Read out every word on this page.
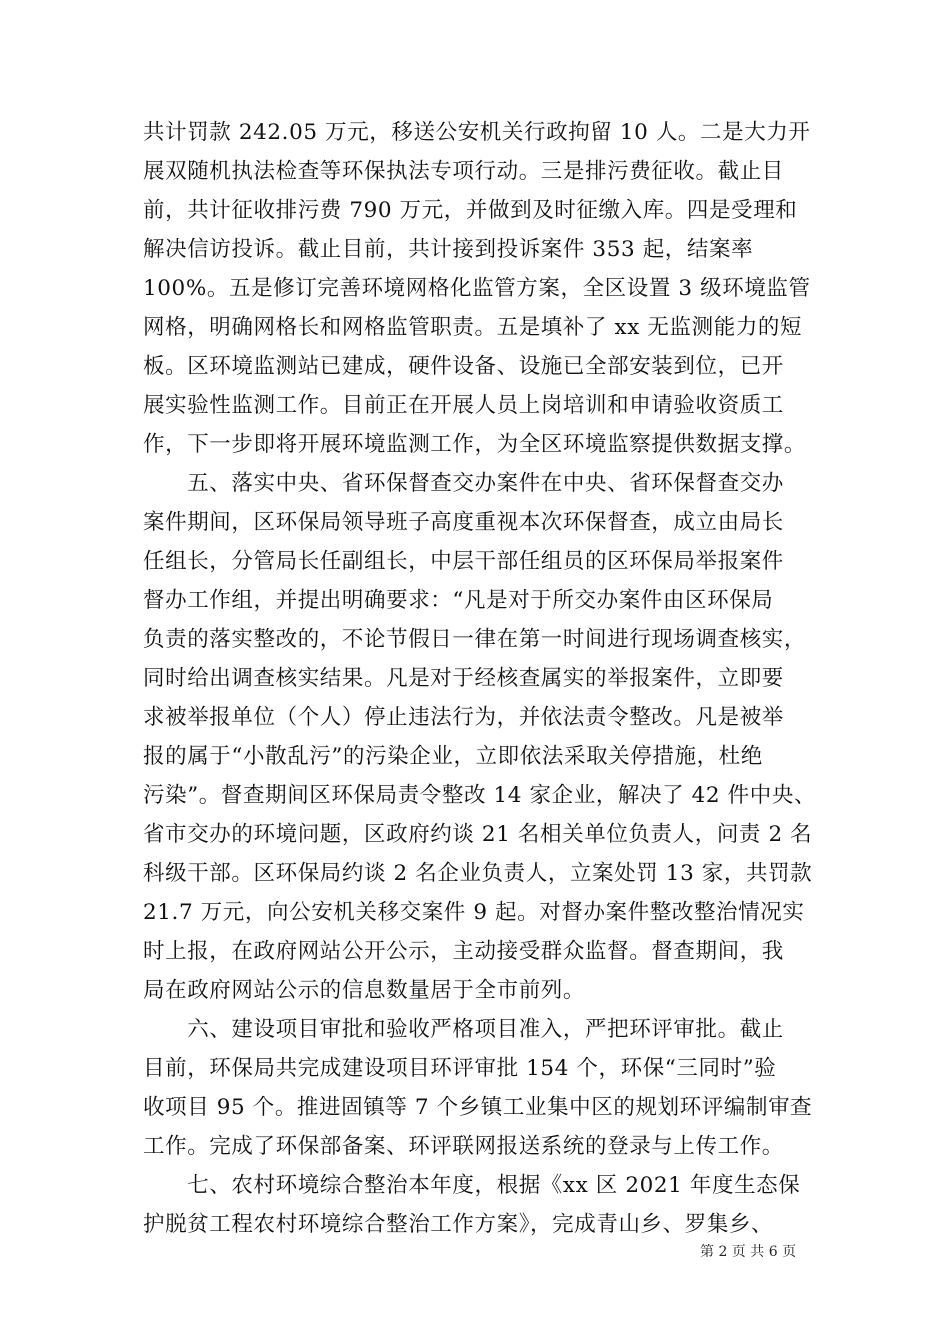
共计罚款 242.05 万元，移送公安机关行政拘留 10 人。二是大力开
展双随机执法检查等环保执法专项行动。三是排污费征收。截止目
前，共计征收排污费 790 万元，并做到及时征缴入库。四是受理和
解决信访投诉。截止目前，共计接到投诉案件 353 起，结案率
100%。五是修订完善环境网格化监管方案，全区设置 3 级环境监管
网格，明确网格长和网格监管职责。五是填补了 xx 无监测能力的短
板。区环境监测站已建成，硬件设备、设施已全部安装到位，已开
展实验性监测工作。目前正在开展人员上岗培训和申请验收资质工
作，下一步即将开展环境监测工作，为全区环境监察提供数据支撑。
　　五、落实中央、省环保督查交办案件在中央、省环保督查交办
案件期间，区环保局领导班子高度重视本次环保督查，成立由局长
任组长，分管局长任副组长，中层干部任组员的区环保局举报案件
督办工作组，并提出明确要求：“凡是对于所交办案件由区环保局
负责的落实整改的，不论节假日一律在第一时间进行现场调查核实，
同时给出调查核实结果。凡是对于经核查属实的举报案件，立即要
求被举报单位（个人）停止违法行为，并依法责令整改。凡是被举
报的属于“小散乱污”的污染企业，立即依法采取关停措施，杜绝
污染”。督查期间区环保局责令整改 14 家企业，解决了 42 件中央、
省市交办的环境问题，区政府约谈 21 名相关单位负责人，问责 2 名
科级干部。区环保局约谈 2 名企业负责人，立案处罚 13 家，共罚款
21.7 万元，向公安机关移交案件 9 起。对督办案件整改整治情况实
时上报，在政府网站公开公示，主动接受群众监督。督查期间，我
局在政府网站公示的信息数量居于全市前列。
　　六、建设项目审批和验收严格项目准入，严把环评审批。截止
目前，环保局共完成建设项目环评审批 154 个，环保“三同时”验
收项目 95 个。推进固镇等 7 个乡镇工业集中区的规划环评编制审查
工作。完成了环保部备案、环评联网报送系统的登录与上传工作。
　　七、农村环境综合整治本年度，根据《xx 区 2021 年度生态保
护脱贫工程农村环境综合整治工作方案》，完成青山乡、罗集乡、
第 2 页 共 6 页
